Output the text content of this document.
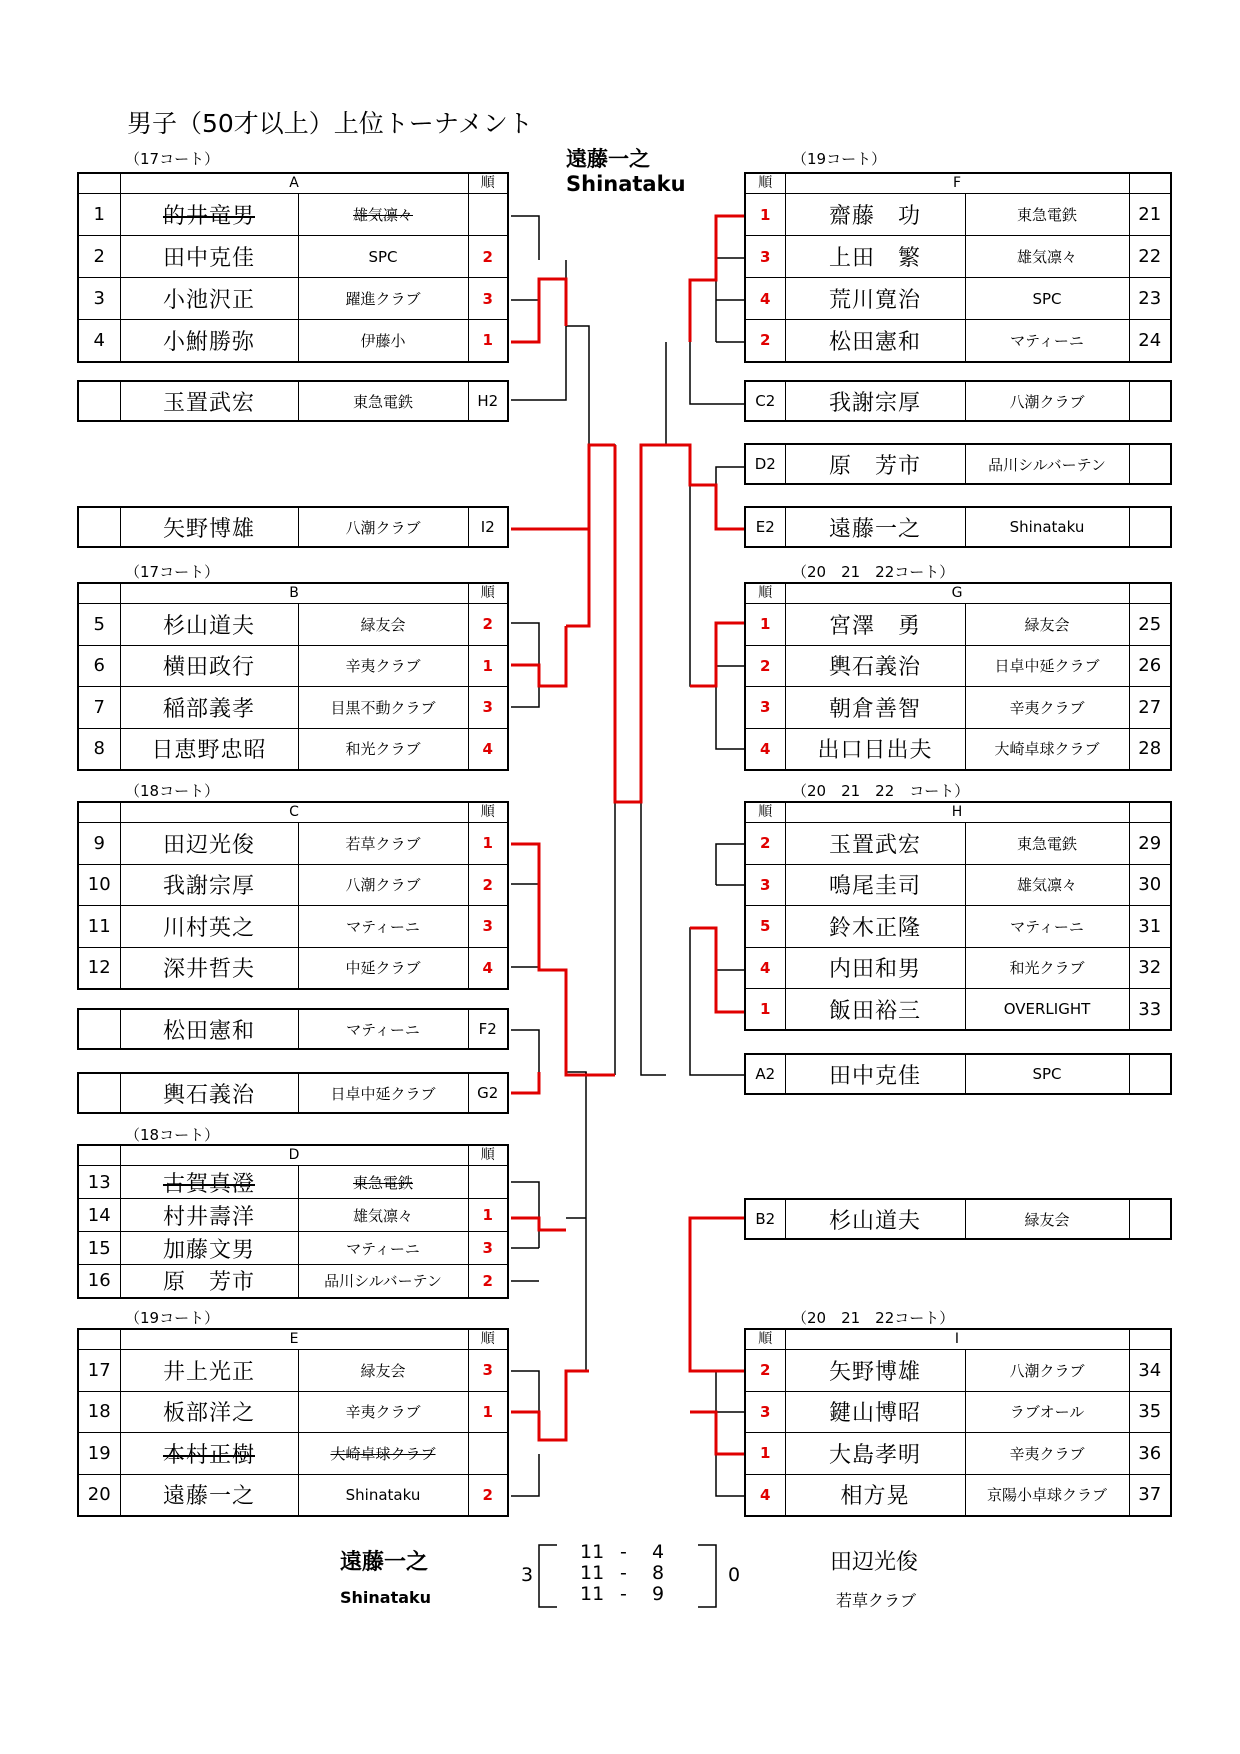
男子（50才以上）上位トーナメント
遠藤一之
Shinataku
（17コート）
	A		順
1	的井竜男	雄気凛々	
2	田中克佳	SPC	2
3	小池沢正	躍進クラブ	3
4	小鮒勝弥	伊藤小	1
（17コート）
	B		順
5	杉山道夫	緑友会	2
6	横田政行	辛夷クラブ	1
7	稲部義孝	目黒不動クラブ	3
8	日恵野忠昭	和光クラブ	4
（18コート）
	C		順
9	田辺光俊	若草クラブ	1
10	我謝宗厚	八潮クラブ	2
11	川村英之	マティーニ	3
12	深井哲夫	中延クラブ	4
（18コート）
	D		順
13	古賀真澄	東急電鉄	
14	村井壽洋	雄気凛々	1
15	加藤文男	マティーニ	3
16	原　芳市	品川シルバーテン	2
（19コート）
	E		順
17	井上光正	緑友会	3
18	板部洋之	辛夷クラブ	1
19	本村正樹	大崎卓球クラブ	
20	遠藤一之	Shinataku	2
（19コート）
順	F		
1	齋藤　功	東急電鉄	21
3	上田　繁	雄気凛々	22
4	荒川寛治	SPC	23
2	松田憲和	マティーニ	24
（20　21　22コート）
順	G		
1	宮澤　勇	緑友会	25
2	輿石義治	日卓中延クラブ	26
3	朝倉善智	辛夷クラブ	27
4	出口日出夫	大崎卓球クラブ	28
（20　21　22　コート）
順	H		
2	玉置武宏	東急電鉄	29
3	鳴尾圭司	雄気凛々	30
5	鈴木正隆	マティーニ	31
4	内田和男	和光クラブ	32
1	飯田裕三	OVERLIGHT	33
（20　21　22コート）
順	I		
2	矢野博雄	八潮クラブ	34
3	鍵山博昭	ラブオール	35
1	大島孝明	辛夷クラブ	36
4	相方晃	京陽小卓球クラブ	37
	玉置武宏	東急電鉄	H2
	矢野博雄	八潮クラブ	I2
	松田憲和	マティーニ	F2
	輿石義治	日卓中延クラブ	G2
C2	我謝宗厚	八潮クラブ	
D2	原　芳市	品川シルバーテン	
E2	遠藤一之	Shinataku	
A2	田中克佳	SPC	
B2	杉山道夫	緑友会	
遠藤一之
Shinataku
3	0	田辺光俊
若草クラブ
11 - 4
11 - 8
11 - 9
